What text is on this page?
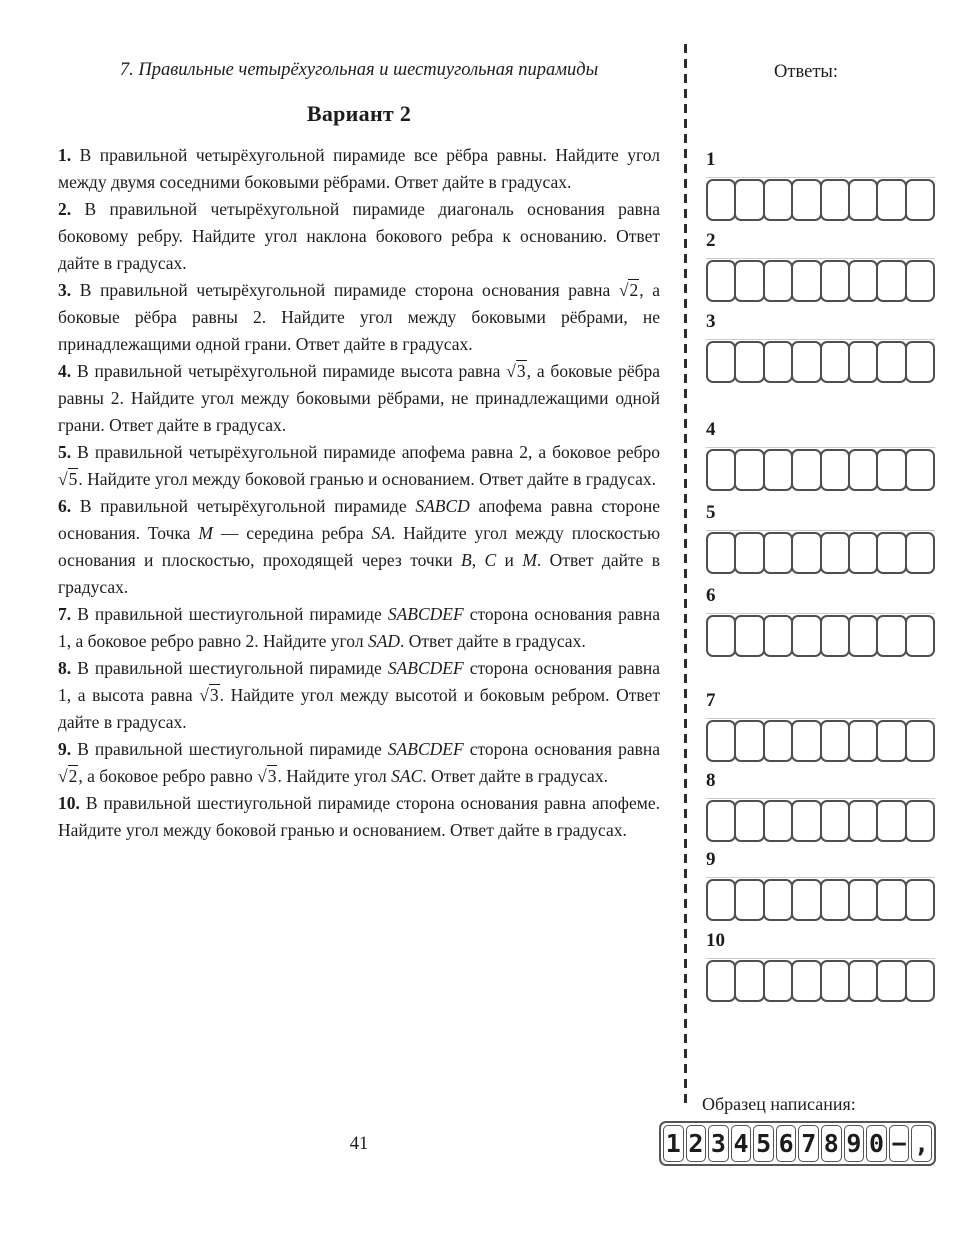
7. Правильные четырёхугольная и шестиугольная пирамиды
Вариант 2

1. В правильной четырёхугольной пирамиде все рёбра равны. Найдите угол между двумя соседними боковыми рёбрами. Ответ дайте в градусах.

2. В правильной четырёхугольной пирамиде диагональ основания равна боковому ребру. Найдите угол наклона бокового ребра к основанию. Ответ дайте в градусах.

3. В правильной четырёхугольной пирамиде сторона основания равна √2, а боковые рёбра равны 2. Найдите угол между боковыми рёбрами, не принадлежащими одной грани. Ответ дайте в градусах.

4. В правильной четырёхугольной пирамиде высота равна √3, а боковые рёбра равны 2. Найдите угол между боковыми рёбрами, не принадлежащими одной грани. Ответ дайте в градусах.

5. В правильной четырёхугольной пирамиде апофема равна 2, а боковое ребро √5. Найдите угол между боковой гранью и основанием. Ответ дайте в градусах.

6. В правильной четырёхугольной пирамиде SABCD апофема равна стороне основания. Точка M — середина ребра SA. Найдите угол между плоскостью основания и плоскостью, проходящей через точки B, C и M. Ответ дайте в градусах.

7. В правильной шестиугольной пирамиде SABCDEF сторона основания равна 1, а боковое ребро равно 2. Найдите угол SAD. Ответ дайте в градусах.

8. В правильной шестиугольной пирамиде SABCDEF сторона основания равна 1, а высота равна √3. Найдите угол между высотой и боковым ребром. Ответ дайте в градусах.

9. В правильной шестиугольной пирамиде SABCDEF сторона основания равна √2, а боковое ребро равно √3. Найдите угол SAC. Ответ дайте в градусах.

10. В правильной шестиугольной пирамиде сторона основания равна апофеме. Найдите угол между боковой гранью и основанием. Ответ дайте в градусах.

41
Ответы:
1
2
3
4
5
6
7
8
9
10
Образец написания:
1 2 3 4 5 6 7 8 9 0 − ,
